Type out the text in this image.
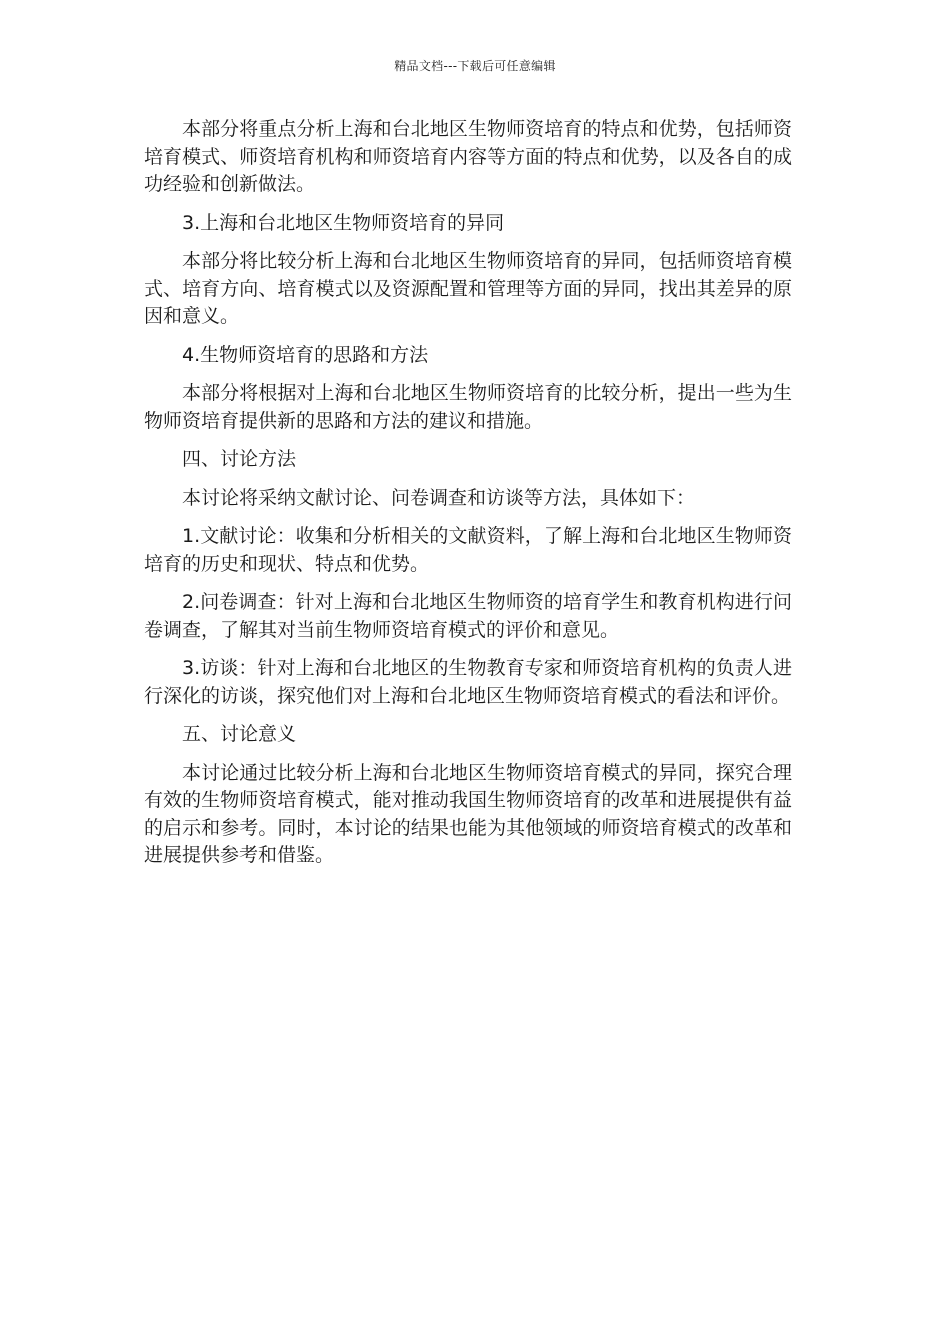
精品文档---下载后可任意编辑

本部分将重点分析上海和台北地区生物师资培育的特点和优势，包括师资培育模式、师资培育机构和师资培育内容等方面的特点和优势，以及各自的成功经验和创新做法。

3.上海和台北地区生物师资培育的异同

本部分将比较分析上海和台北地区生物师资培育的异同，包括师资培育模式、培育方向、培育模式以及资源配置和管理等方面的异同，找出其差异的原因和意义。

4.生物师资培育的思路和方法

本部分将根据对上海和台北地区生物师资培育的比较分析，提出一些为生物师资培育提供新的思路和方法的建议和措施。

四、讨论方法

本讨论将采纳文献讨论、问卷调查和访谈等方法，具体如下：

1.文献讨论：收集和分析相关的文献资料，了解上海和台北地区生物师资培育的历史和现状、特点和优势。

2.问卷调查：针对上海和台北地区生物师资的培育学生和教育机构进行问卷调查，了解其对当前生物师资培育模式的评价和意见。

3.访谈：针对上海和台北地区的生物教育专家和师资培育机构的负责人进行深化的访谈，探究他们对上海和台北地区生物师资培育模式的看法和评价。

五、讨论意义

本讨论通过比较分析上海和台北地区生物师资培育模式的异同，探究合理有效的生物师资培育模式，能对推动我国生物师资培育的改革和进展提供有益的启示和参考。同时，本讨论的结果也能为其他领域的师资培育模式的改革和进展提供参考和借鉴。
